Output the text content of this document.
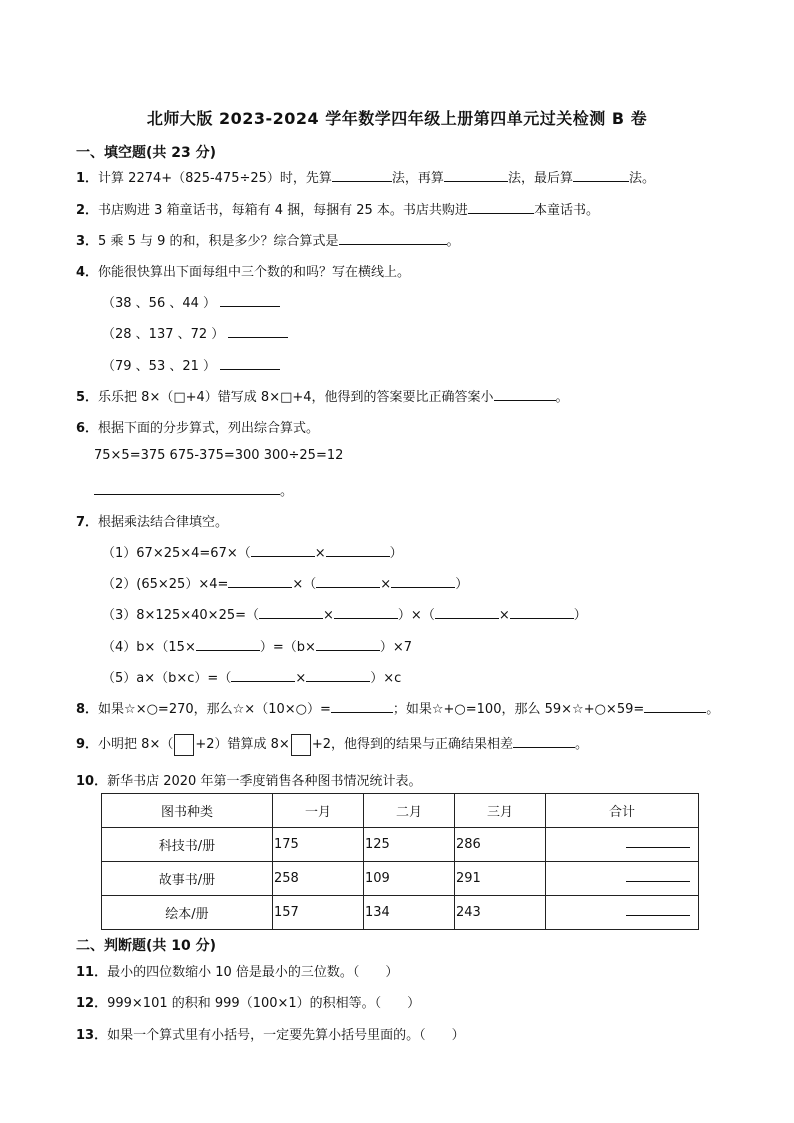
北师大版 2023-2024 学年数学四年级上册第四单元过关检测 B 卷
一、填空题(共 23 分)
1．计算 2274+（825-475÷25）时，先算	法，再算	法，最后算	法。
2．书店购进 3 箱童话书，每箱有 4 捆，每捆有 25 本。书店共购进	本童话书。
3．5 乘 5 与 9 的和，积是多少？综合算式是	。
4．你能很快算出下面每组中三个数的和吗？写在横线上。
（38 、56 、44 ）
（28 、137 、72 ）
（79 、53 、21 ）
5．乐乐把 8×（□+4）错写成 8×□+4，他得到的答案要比正确答案小	。
6．根据下面的分步算式，列出综合算式。
75×5=375 675-375=300 300÷25=12
。
7．根据乘法结合律填空。
（1）67×25×4=67×（	×	）
（2）(65×25）×4=	×（	×	）
（3）8×125×40×25=（	×	）×（	×	）
（4）b×（15×	）=（b×	）×7
（5）a×（b×c）=（	×	）×c
8．如果☆×○=270，那么☆×（10×○）=	；如果☆+○=100，那么 59×☆+○×59=	。
9．小明把 8×（ +2）错算成 8× +2，他得到的结果与正确结果相差	。
10．新华书店 2020 年第一季度销售各种图书情况统计表。
图书种类	一月	二月	三月	合计
科技书/册	175	125	286	
故事书/册	258	109	291	
绘本/册	157	134	243	
二、判断题(共 10 分)
11．最小的四位数缩小 10 倍是最小的三位数。（　　）
12．999×101 的积和 999（100×1）的积相等。（　　）
13．如果一个算式里有小括号，一定要先算小括号里面的。（　　）
